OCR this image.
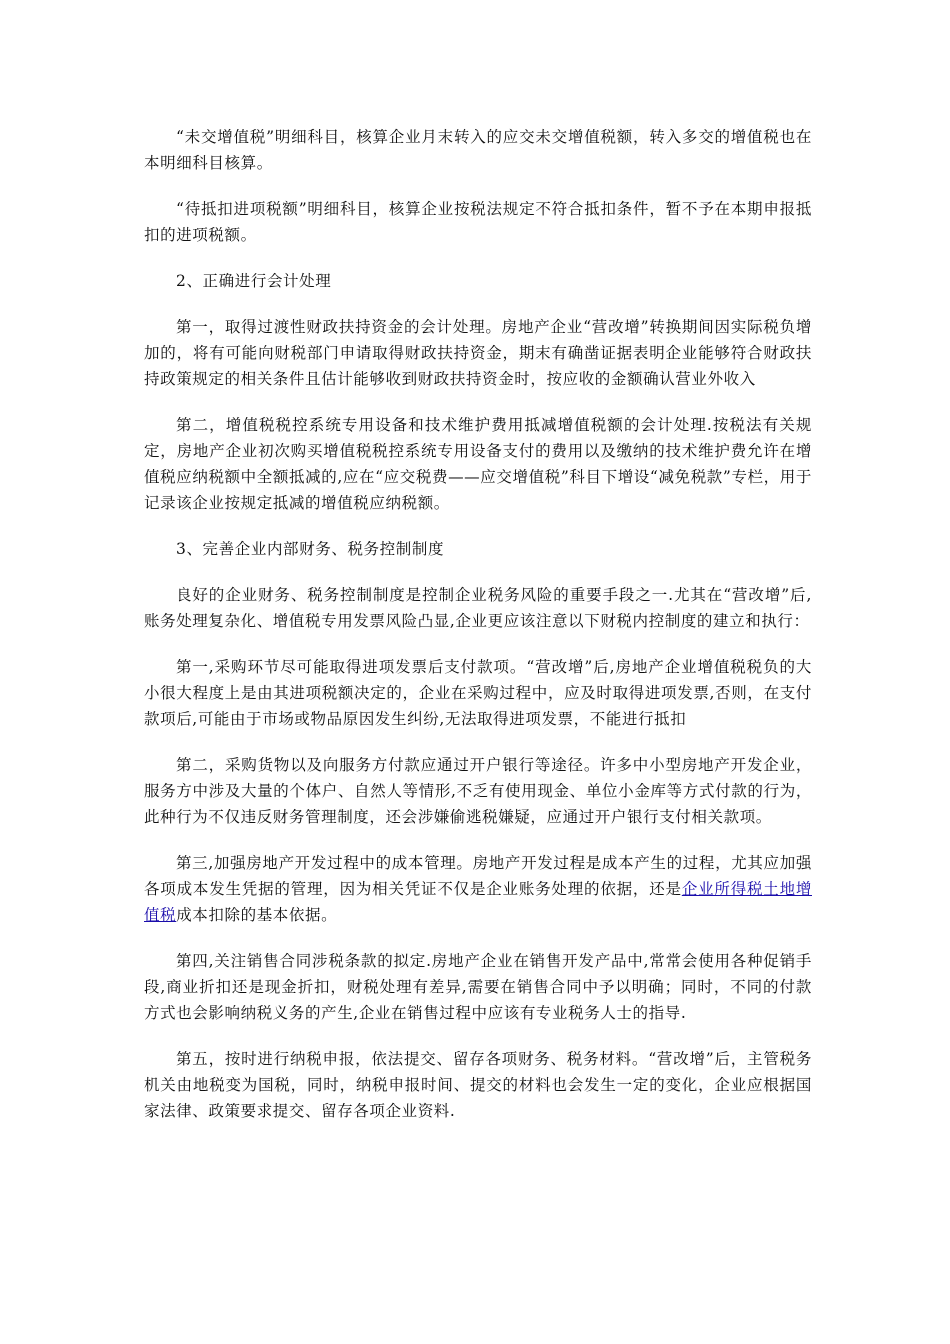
“未交增值税”明细科目，核算企业月末转入的应交未交增值税额，转入多交的增值税也在本明细科目核算。

“待抵扣进项税额”明细科目，核算企业按税法规定不符合抵扣条件，暂不予在本期申报抵扣的进项税额。

2、正确进行会计处理

第一，取得过渡性财政扶持资金的会计处理。房地产企业“营改增”转换期间因实际税负增加的，将有可能向财税部门申请取得财政扶持资金，期末有确凿证据表明企业能够符合财政扶持政策规定的相关条件且估计能够收到财政扶持资金时，按应收的金额确认营业外收入

第二，增值税税控系统专用设备和技术维护费用抵减增值税额的会计处理.按税法有关规定，房地产企业初次购买增值税税控系统专用设备支付的费用以及缴纳的技术维护费允许在增值税应纳税额中全额抵减的,应在“应交税费——应交增值税”科目下增设“减免税款”专栏，用于记录该企业按规定抵减的增值税应纳税额。

3、完善企业内部财务、税务控制制度

良好的企业财务、税务控制制度是控制企业税务风险的重要手段之一.尤其在“营改增”后,账务处理复杂化、增值税专用发票风险凸显,企业更应该注意以下财税内控制度的建立和执行：

第一,采购环节尽可能取得进项发票后支付款项。“营改增”后,房地产企业增值税税负的大小很大程度上是由其进项税额决定的，企业在采购过程中，应及时取得进项发票,否则，在支付款项后,可能由于市场或物品原因发生纠纷,无法取得进项发票，不能进行抵扣

第二，采购货物以及向服务方付款应通过开户银行等途径。许多中小型房地产开发企业，服务方中涉及大量的个体户、自然人等情形,不乏有使用现金、单位小金库等方式付款的行为，此种行为不仅违反财务管理制度，还会涉嫌偷逃税嫌疑，应通过开户银行支付相关款项。

第三,加强房地产开发过程中的成本管理。房地产开发过程是成本产生的过程，尤其应加强各项成本发生凭据的管理，因为相关凭证不仅是企业账务处理的依据，还是企业所得税土地增值税成本扣除的基本依据。

第四,关注销售合同涉税条款的拟定.房地产企业在销售开发产品中,常常会使用各种促销手段,商业折扣还是现金折扣，财税处理有差异,需要在销售合同中予以明确；同时，不同的付款方式也会影响纳税义务的产生,企业在销售过程中应该有专业税务人士的指导.

第五，按时进行纳税申报，依法提交、留存各项财务、税务材料。“营改增”后，主管税务机关由地税变为国税，同时，纳税申报时间、提交的材料也会发生一定的变化，企业应根据国家法律、政策要求提交、留存各项企业资料.
